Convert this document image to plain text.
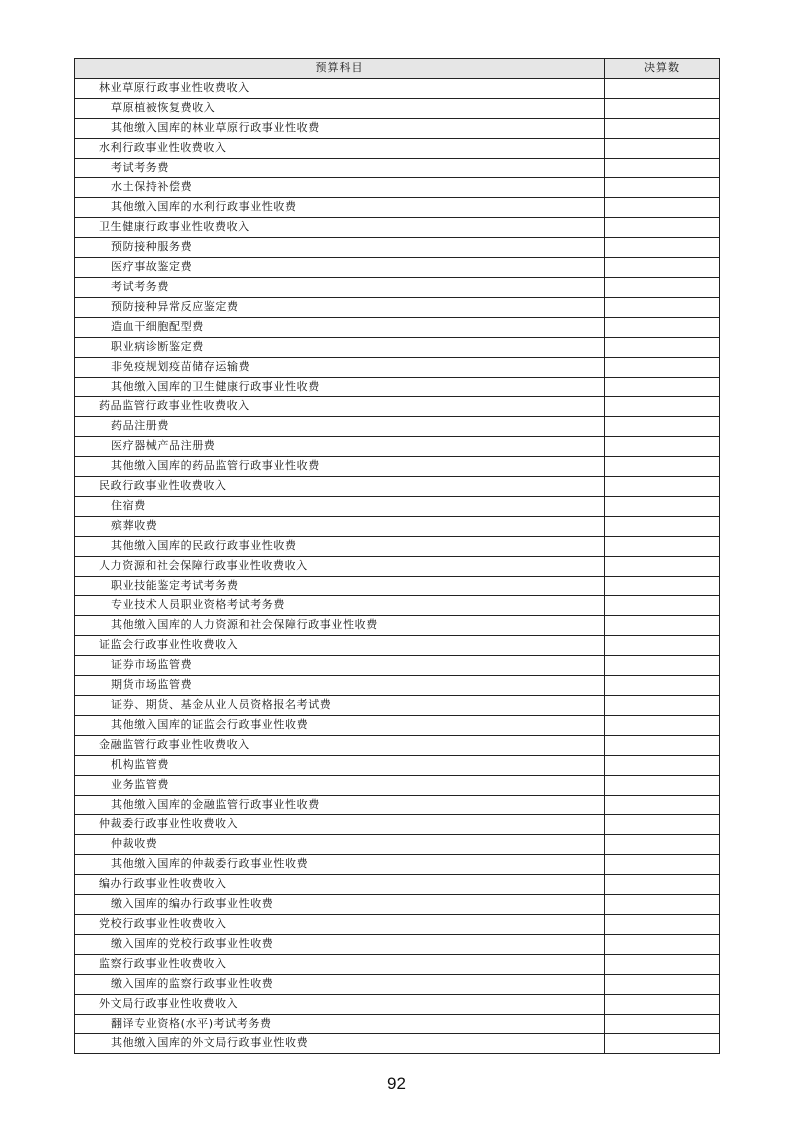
预算科目	决算数
林业草原行政事业性收费收入	
草原植被恢复费收入	
其他缴入国库的林业草原行政事业性收费	
水利行政事业性收费收入	
考试考务费	
水土保持补偿费	
其他缴入国库的水利行政事业性收费	
卫生健康行政事业性收费收入	
预防接种服务费	
医疗事故鉴定费	
考试考务费	
预防接种异常反应鉴定费	
造血干细胞配型费	
职业病诊断鉴定费	
非免疫规划疫苗储存运输费	
其他缴入国库的卫生健康行政事业性收费	
药品监管行政事业性收费收入	
药品注册费	
医疗器械产品注册费	
其他缴入国库的药品监管行政事业性收费	
民政行政事业性收费收入	
住宿费	
殡葬收费	
其他缴入国库的民政行政事业性收费	
人力资源和社会保障行政事业性收费收入	
职业技能鉴定考试考务费	
专业技术人员职业资格考试考务费	
其他缴入国库的人力资源和社会保障行政事业性收费	
证监会行政事业性收费收入	
证券市场监管费	
期货市场监管费	
证券、期货、基金从业人员资格报名考试费	
其他缴入国库的证监会行政事业性收费	
金融监管行政事业性收费收入	
机构监管费	
业务监管费	
其他缴入国库的金融监管行政事业性收费	
仲裁委行政事业性收费收入	
仲裁收费	
其他缴入国库的仲裁委行政事业性收费	
编办行政事业性收费收入	
缴入国库的编办行政事业性收费	
党校行政事业性收费收入	
缴入国库的党校行政事业性收费	
监察行政事业性收费收入	
缴入国库的监察行政事业性收费	
外文局行政事业性收费收入	
翻译专业资格(水平)考试考务费	
其他缴入国库的外文局行政事业性收费	
92
